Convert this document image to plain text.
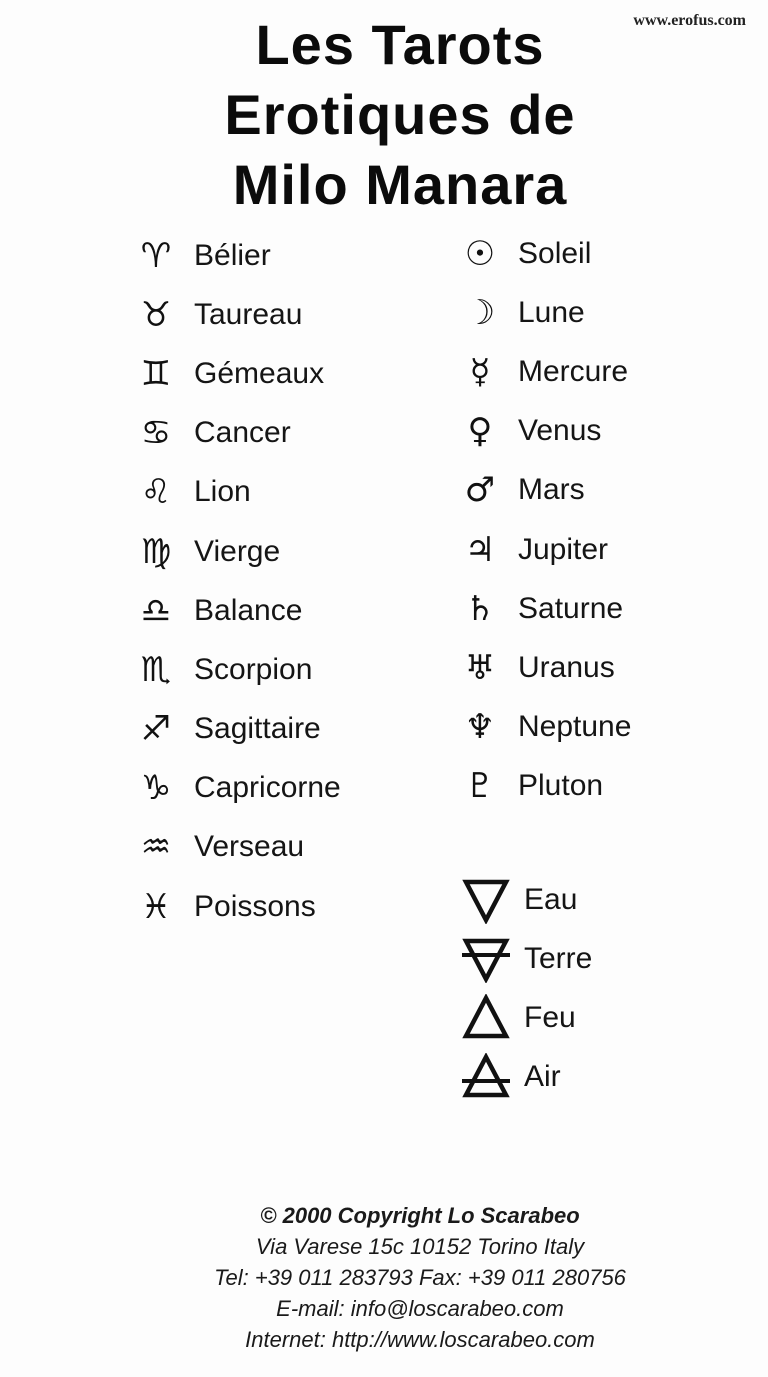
www.erofus.com
Les Tarots
Erotiques de
Milo Manara
♈︎ Bélier
♉︎ Taureau
♊︎ Gémeaux
♋︎ Cancer
♌︎ Lion
♍︎ Vierge
♎︎ Balance
♏︎ Scorpion
♐︎ Sagittaire
♑︎ Capricorne
♒︎ Verseau
♓︎ Poissons
☉ Soleil
☽ Lune
☿ Mercure
♀ Venus
♂ Mars
♃ Jupiter
♄ Saturne
♅ Uranus
♆ Neptune
♇ Pluton
Eau
Terre
Feu
Air
© 2000 Copyright Lo Scarabeo
Via Varese 15c 10152 Torino Italy
Tel: +39 011 283793 Fax: +39 011 280756
E-mail: info@loscarabeo.com
Internet: http://www.loscarabeo.com
